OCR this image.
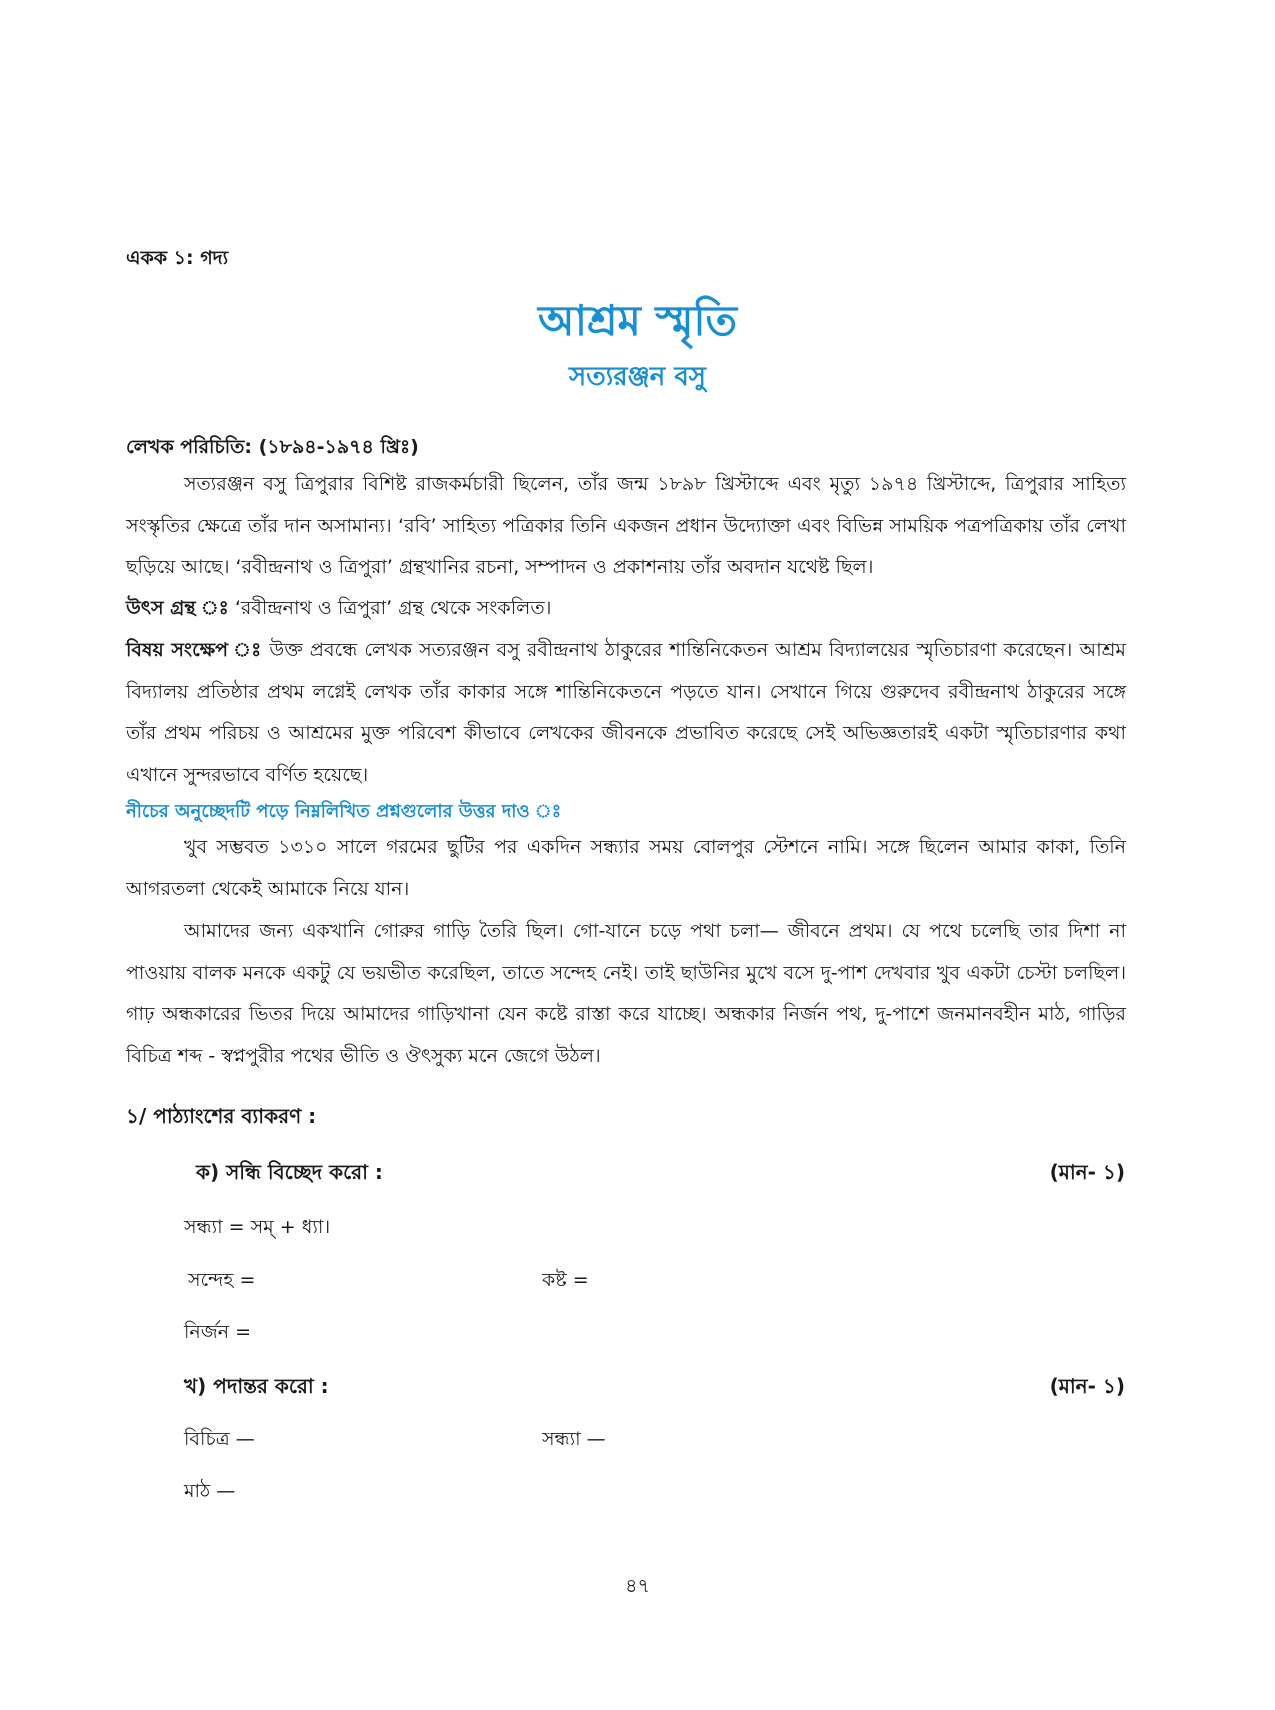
একক ১: গদ্য
আশ্রম স্মৃতি
সত্যরঞ্জন বসু
লেখক পরিচিতি: (১৮৯৪-১৯৭৪ খ্রিঃ)

সত্যরঞ্জন বসু ত্রিপুরার বিশিষ্ট রাজকর্মচারী ছিলেন, তাঁর জন্ম ১৮৯৮ খ্রিস্টাব্দে এবং মৃত্যু ১৯৭৪ খ্রিস্টাব্দে, ত্রিপুরার সাহিত্য সংস্কৃতির ক্ষেত্রে তাঁর দান অসামান্য। ‘রবি’ সাহিত্য পত্রিকার তিনি একজন প্রধান উদ্যোক্তা এবং বিভিন্ন সাময়িক পত্রপত্রিকায় তাঁর লেখা ছড়িয়ে আছে। ‘রবীন্দ্রনাথ ও ত্রিপুরা’ গ্রন্থখানির রচনা, সম্পাদন ও প্রকাশনায় তাঁর অবদান যথেষ্ট ছিল।

উৎস গ্রন্থ ঃ ‘রবীন্দ্রনাথ ও ত্রিপুরা’ গ্রন্থ থেকে সংকলিত।

বিষয় সংক্ষেপ ঃ উক্ত প্রবন্ধে লেখক সত্যরঞ্জন বসু রবীন্দ্রনাথ ঠাকুরের শান্তিনিকেতন আশ্রম বিদ্যালয়ের স্মৃতিচারণা করেছেন। আশ্রম বিদ্যালয় প্রতিষ্ঠার প্রথম লগ্নেই লেখক তাঁর কাকার সঙ্গে শান্তিনিকেতনে পড়তে যান। সেখানে গিয়ে গুরুদেব রবীন্দ্রনাথ ঠাকুরের সঙ্গে তাঁর প্রথম পরিচয় ও আশ্রমের মুক্ত পরিবেশ কীভাবে লেখকের জীবনকে প্রভাবিত করেছে সেই অভিজ্ঞতারই একটা স্মৃতিচারণার কথা এখানে সুন্দরভাবে বর্ণিত হয়েছে।

নীচের অনুচ্ছেদটি পড়ে নিম্নলিখিত প্রশ্নগুলোর উত্তর দাও ঃ

খুব সম্ভবত ১৩১০ সালে গরমের ছুটির পর একদিন সন্ধ্যার সময় বোলপুর স্টেশনে নামি। সঙ্গে ছিলেন আমার কাকা, তিনি আগরতলা থেকেই আমাকে নিয়ে যান।

আমাদের জন্য একখানি গোরুর গাড়ি তৈরি ছিল। গো-যানে চড়ে পথা চলা— জীবনে প্রথম। যে পথে চলেছি তার দিশা না পাওয়ায় বালক মনকে একটু যে ভয়ভীত করেছিল, তাতে সন্দেহ নেই। তাই ছাউনির মুখে বসে দু-পাশ দেখবার খুব একটা চেস্টা চলছিল। গাঢ় অন্ধকারের ভিতর দিয়ে আমাদের গাড়িখানা যেন কষ্টে রাস্তা করে যাচ্ছে। অন্ধকার নির্জন পথ, দু-পাশে জনমানবহীন মাঠ, গাড়ির বিচিত্র শব্দ - স্বপ্নপুরীর পথের ভীতি ও ঔৎসুক্য মনে জেগে উঠল।

১/ পাঠ্যাংশের ব্যাকরণ :
ক) সন্ধি বিচ্ছেদ করো :	(মান- ১)
সন্ধ্যা = সম্ + ধ্যা।
সন্দেহ =	কষ্ট =
নির্জন =
খ) পদান্তর করো :	(মান- ১)
বিচিত্র —	সন্ধ্যা —
মাঠ —
৪৭
